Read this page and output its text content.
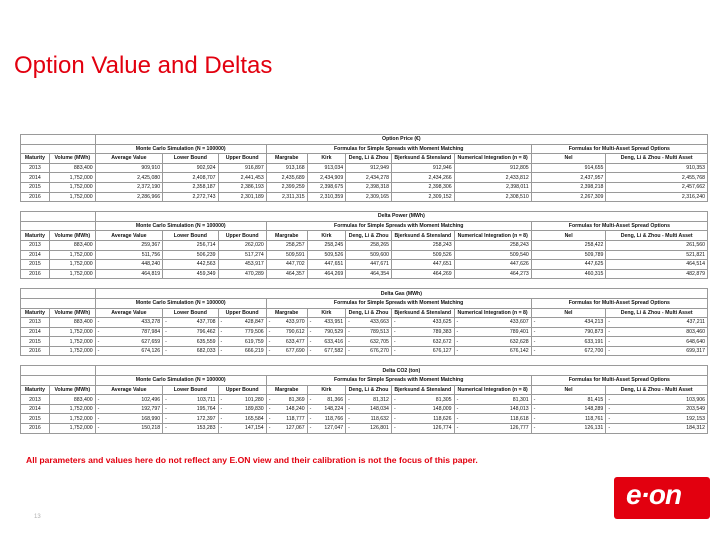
Option Value and Deltas
		Option Price (€)																			
		Monte Carlo Simulation (N = 100000)						Formulas for Simple Spreads with Moment Matching										Formulas for Multi-Asset Spread Options			
Maturity	Volume (MWh)	Average Value		Lower Bound		Upper Bound		Margrabe		Kirk		Deng, Li & Zhou		Bjerksund & Stensland		Numerical Integration (n = 8)		Nel		Deng, Li & Zhou - Multi Asset	
2013	883,400		909,910		902,924		916,897		913,168		913,034		912,949		912,946		912,805		914,655		910,353
2014	1,752,000		2,425,080		2,408,707		2,441,453		2,435,689		2,434,909		2,434,278		2,434,266		2,433,812		2,437,957		2,455,768
2015	1,752,000		2,372,190		2,358,187		2,386,193		2,399,259		2,398,675		2,398,318		2,398,306		2,398,011		2,398,218		2,457,662
2016	1,752,000		2,286,966		2,272,743		2,301,189		2,311,315		2,310,359		2,309,165		2,309,152		2,308,510		2,267,309		2,316,240
		Delta Power (MWh)																			
		Monte Carlo Simulation (N = 100000)						Formulas for Simple Spreads with Moment Matching										Formulas for Multi-Asset Spread Options			
Maturity	Volume (MWh)	Average Value		Lower Bound		Upper Bound		Margrabe		Kirk		Deng, Li & Zhou		Bjerksund & Stensland		Numerical Integration (n = 8)		Nel		Deng, Li & Zhou - Multi Asset	
2013	883,400		259,367		256,714		262,020		258,257		258,245		258,265		258,243		258,243		258,422		261,560
2014	1,752,000		511,756		506,239		517,274		509,591		509,526		509,600		509,526		509,540		509,789		521,821
2015	1,752,000		448,240		442,563		453,917		447,702		447,651		447,671		447,651		447,626		447,625		464,514
2016	1,752,000		464,819		459,349		470,289		464,357		464,269		464,354		464,269		464,273		460,315		482,879
		Delta Gas (MWh)																			
		Monte Carlo Simulation (N = 100000)						Formulas for Simple Spreads with Moment Matching										Formulas for Multi-Asset Spread Options			
Maturity	Volume (MWh)	Average Value		Lower Bound		Upper Bound		Margrabe		Kirk		Deng, Li & Zhou		Bjerksund & Stensland		Numerical Integration (n = 8)		Nel		Deng, Li & Zhou - Multi Asset	
2013	883,400	-	433,278	-	437,708	-	428,847	-	433,970	-	433,951	-	433,663	-	433,625	-	433,607	-	434,213	-	437,211
2014	1,752,000	-	787,984	-	796,462	-	779,506	-	790,612	-	790,529	-	789,513	-	789,383	-	789,401	-	790,873	-	803,460
2015	1,752,000	-	627,659	-	635,559	-	619,759	-	633,477	-	633,416	-	632,705	-	632,672	-	632,628	-	633,191	-	648,640
2016	1,752,000	-	674,126	-	682,033	-	666,219	-	677,690	-	677,582	-	676,270	-	676,127	-	676,142	-	672,700	-	699,317
		Delta CO2 (ton)																			
		Monte Carlo Simulation (N = 100000)						Formulas for Simple Spreads with Moment Matching										Formulas for Multi-Asset Spread Options			
Maturity	Volume (MWh)	Average Value		Lower Bound		Upper Bound		Margrabe		Kirk		Deng, Li & Zhou		Bjerksund & Stensland		Numerical Integration (n = 8)		Nel		Deng, Li & Zhou - Multi Asset	
2013	883,400	-	102,496	-	103,711	-	101,280	-	81,369	-	81,366	-	81,312	-	81,305	-	81,301	-	81,415	-	103,906
2014	1,752,000	-	192,797	-	195,764	-	189,830	-	148,240	-	148,224	-	148,034	-	148,009	-	148,013	-	148,289	-	203,549
2015	1,752,000	-	168,990	-	172,397	-	165,584	-	118,777	-	118,766	-	118,632	-	118,626	-	118,618	-	118,761	-	192,153
2016	1,752,000	-	150,218	-	153,283	-	147,154	-	127,067	-	127,047	-	126,801	-	126,774	-	126,777	-	126,131	-	184,312
All parameters and values here do not reflect any E.ON view and their calibration is not the focus of this paper.
13
e·on
